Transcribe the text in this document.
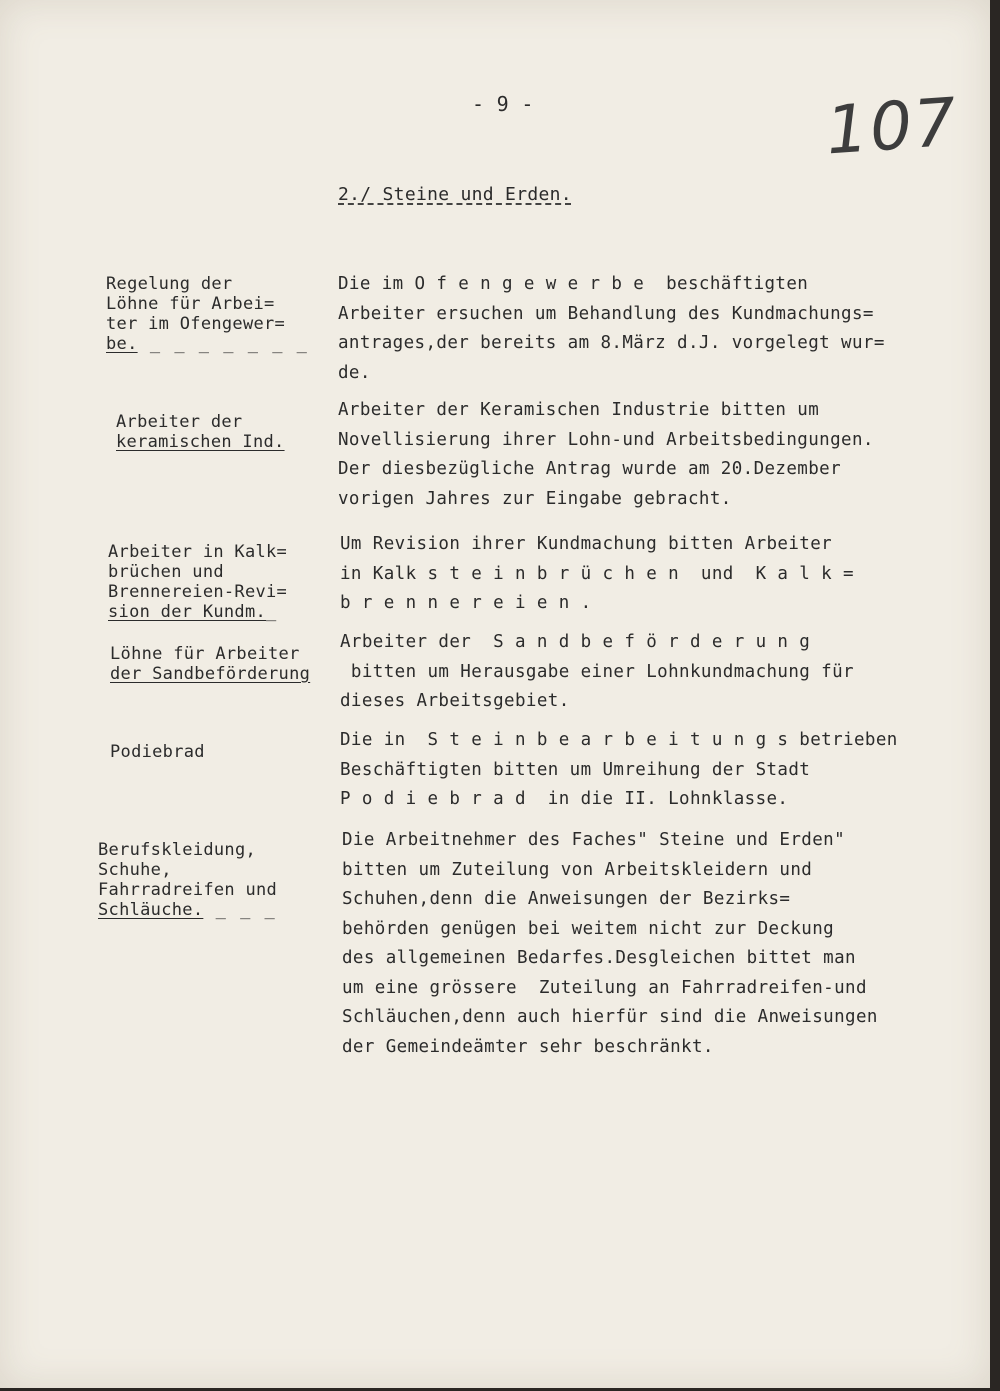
- 9 -	107
2./ Steine und Erden.
Regelung der
Löhne für Arbei=
ter im Ofengewer=
be. _ _ _ _ _ _ _
Die im O f e n g e w e r b e  beschäftigten
Arbeiter ersuchen um Behandlung des Kundmachungs=
antrages,der bereits am 8.März d.J. vorgelegt wur=
de.
Arbeiter der
keramischen Ind.
Arbeiter der Keramischen Industrie bitten um
Novellisierung ihrer Lohn-und Arbeitsbedingungen.
Der diesbezügliche Antrag wurde am 20.Dezember
vorigen Jahres zur Eingabe gebracht.
Arbeiter in Kalk=
brüchen und
Brennereien-Revi=
sion der Kundm._
Um Revision ihrer Kundmachung bitten Arbeiter
in Kalk s t e i n b r ü c h e n  und  K a l k =
b r e n n e r e i e n .
Löhne für Arbeiter
der Sandbeförderung
Arbeiter der  S a n d b e f ö r d e r u n g
bitten um Herausgabe einer Lohnkundmachung für
dieses Arbeitsgebiet.
Podiebrad
Die in  S t e i n b e a r b e i t u n g s betrieben
Beschäftigten bitten um Umreihung der Stadt
P o d i e b r a d  in die II. Lohnklasse.
Berufskleidung,
Schuhe,
Fahrradreifen und
Schläuche. _ _ _
Die Arbeitnehmer des Faches" Steine und Erden"
bitten um Zuteilung von Arbeitskleidern und
Schuhen,denn die Anweisungen der Bezirks=
behörden genügen bei weitem nicht zur Deckung
des allgemeinen Bedarfes.Desgleichen bittet man
um eine grössere  Zuteilung an Fahrradreifen-und
Schläuchen,denn auch hierfür sind die Anweisungen
der Gemeindeämter sehr beschränkt.
